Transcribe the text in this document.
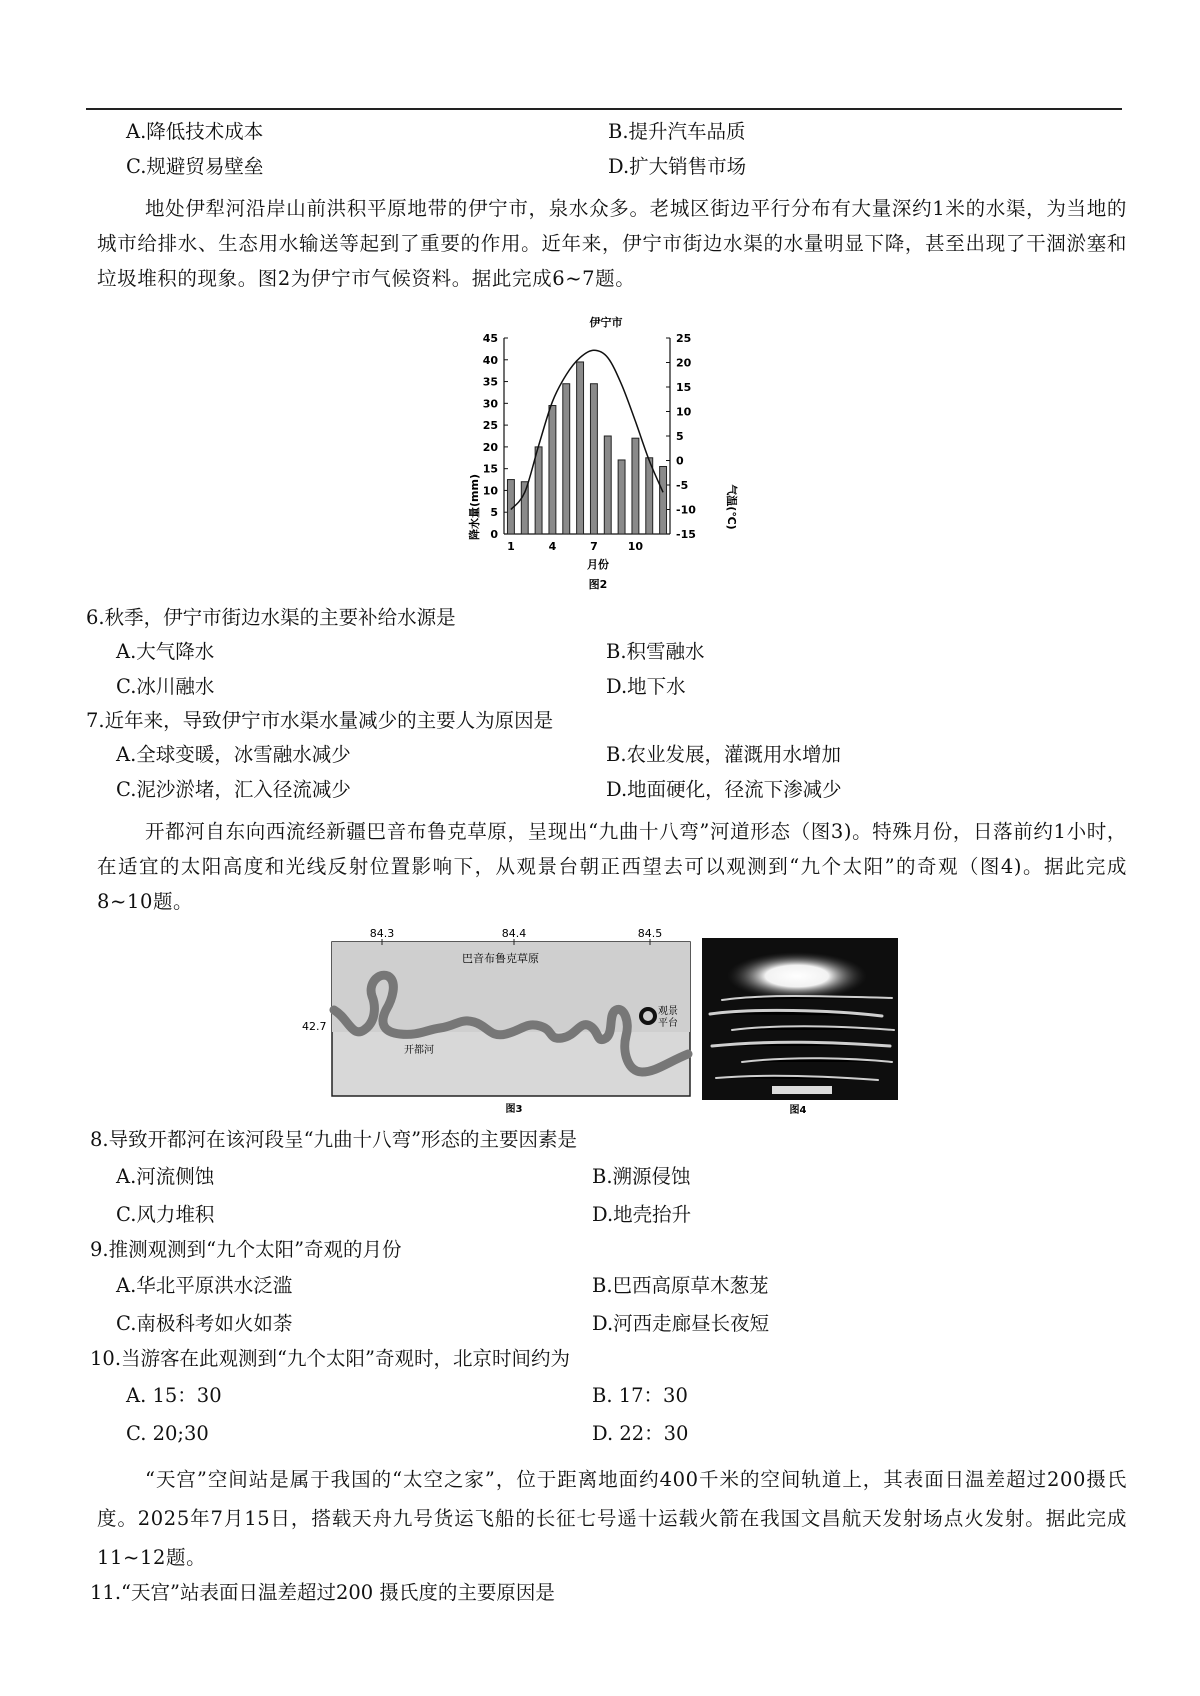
A.降低技术成本	B.提升汽车品质
C.规避贸易壁垒	D.扩大销售市场
地处伊犁河沿岸山前洪积平原地带的伊宁市，泉水众多。老城区街边平行分布有大量深约1米的水渠，为当地的城市给排水、生态用水输送等起到了重要的作用。近年来，伊宁市街边水渠的水量明显下降，甚至出现了干涸淤塞和垃圾堆积的现象。图2为伊宁市气候资料。据此完成6~7题。
伊宁市
0
5
10
15
20
25
30
35
40
45
-15
-10
-5
0
5
10
15
20
25
1	4	7	10
降水量(mm)	气温(℃)
月份
图2
6.秋季，伊宁市街边水渠的主要补给水源是
A.大气降水	B.积雪融水
C.冰川融水	D.地下水
7.近年来，导致伊宁市水渠水量减少的主要人为原因是
A.全球变暖，冰雪融水减少	B.农业发展，灌溉用水增加
C.泥沙淤堵，汇入径流减少	D.地面硬化，径流下渗减少
开都河自东向西流经新疆巴音布鲁克草原，呈现出“九曲十八弯”河道形态（图3)。特殊月份，日落前约1小时，在适宜的太阳高度和光线反射位置影响下，从观景台朝正西望去可以观测到“九个太阳”的奇观（图4)。据此完成8~10题。
84.3	84.4	84.5
42.7
巴音布鲁克草原
开都河
观景
平台
图3	图4
8.导致开都河在该河段呈“九曲十八弯”形态的主要因素是
A.河流侧蚀	B.溯源侵蚀
C.风力堆积	D.地壳抬升
9.推测观测到“九个太阳”奇观的月份
A.华北平原洪水泛滥	B.巴西高原草木葱茏
C.南极科考如火如荼	D.河西走廊昼长夜短
10.当游客在此观测到“九个太阳”奇观时，北京时间约为
A. 15：30	B. 17：30
C. 20;30	D. 22：30
“天宫”空间站是属于我国的“太空之家”，位于距离地面约400千米的空间轨道上，其表面日温差超过200摄氏度。2025年7月15日，搭载天舟九号货运飞船的长征七号遥十运载火箭在我国文昌航天发射场点火发射。据此完成11~12题。
11.“天宫”站表面日温差超过200 摄氏度的主要原因是
